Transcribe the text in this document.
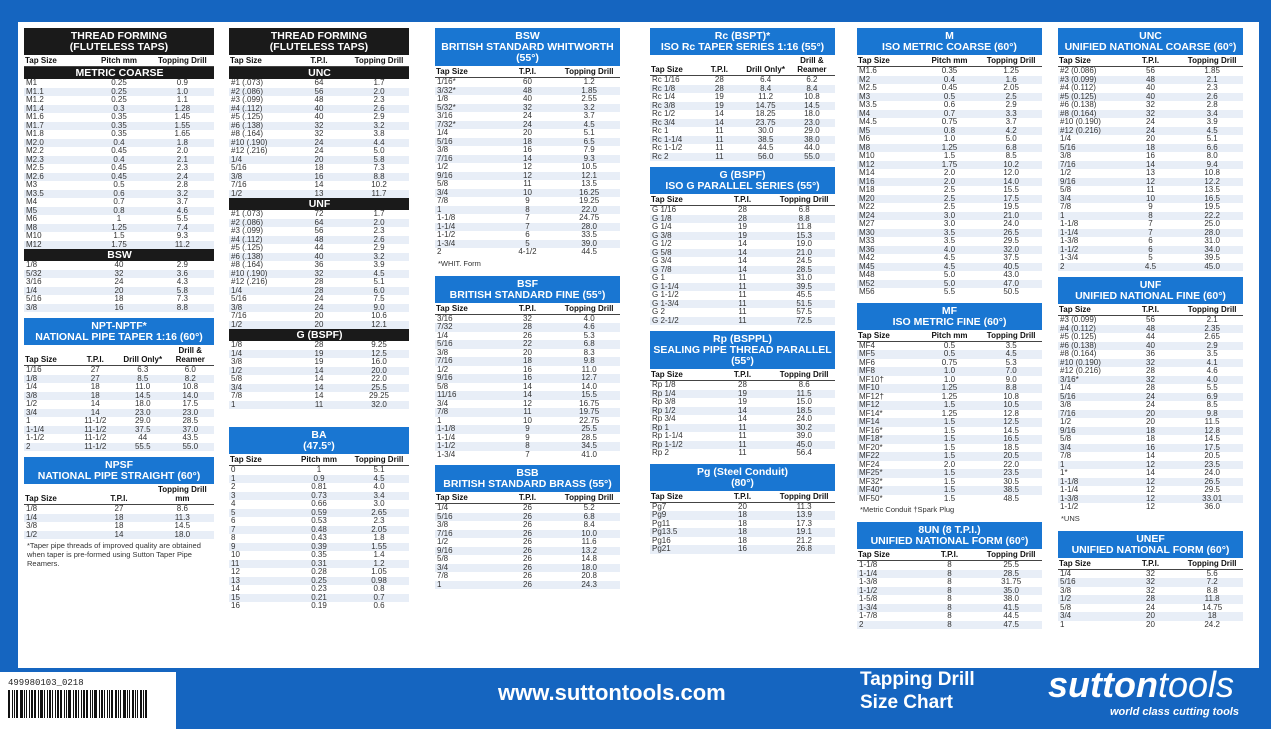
THREAD FORMING
(FLUTELESS TAPS)
Tap Size	Pitch mm	Topping Drill
METRIC COARSE		
M1	0.25	0.9
M1.1	0.25	1.0
M1.2	0.25	1.1
M1.4	0.3	1.28
M1.6	0.35	1.45
M1.7	0.35	1.55
M1.8	0.35	1.65
M2.0	0.4	1.8
M2.2	0.45	2.0
M2.3	0.4	2.1
M2.5	0.45	2.3
M2.6	0.45	2.4
M3	0.5	2.8
M3.5	0.6	3.2
M4	0.7	3.7
M5	0.8	4.6
M6	1	5.5
M8	1.25	7.4
M10	1.5	9.3
M12	1.75	11.2
BSW		
1/8	40	2.9
5/32	32	3.6
3/16	24	4.3
1/4	20	5.8
5/16	18	7.3
3/8	16	8.8
NPT-NPTF*
NATIONAL PIPE TAPER 1:16 (60°)
Tap Size	T.P.I.	Drill Only*	Drill & Reamer
1/16	27	6.3	6.0
1/8	27	8.5	8.2
1/4	18	11.0	10.8
3/8	18	14.5	14.0
1/2	14	18.0	17.5
3/4	14	23.0	23.0
1	11-1/2	29.0	28.5
1-1/4	11-1/2	37.5	37.0
1-1/2	11-1/2	44	43.5
2	11-1/2	55.5	55.0
NPSF
NATIONAL PIPE STRAIGHT (60°)
Tap Size	T.P.I.	Topping Drill mm
1/8	27	8.6
1/4	18	11.3
3/8	18	14.5
1/2	14	18.0
*Taper pipe threads of improved quality are obtained when taper is pre-formed using Sutton Taper Pipe Reamers.
THREAD FORMING
(FLUTELESS TAPS)
Tap Size	T.P.I.	Topping Drill
UNC		
#1 (.073)	64	1.7
#2 (.086)	56	2.0
#3 (.099)	48	2.3
#4 (.112)	40	2.6
#5 (.125)	40	2.9
#6 (.138)	32	3.2
#8 (.164)	32	3.8
#10 (.190)	24	4.4
#12 (.216)	24	5.0
1/4	20	5.8
5/16	18	7.3
3/8	16	8.8
7/16	14	10.2
1/2	13	11.7
UNF		
#1 (.073)	72	1.7
#2 (.086)	64	2.0
#3 (.099)	56	2.3
#4 (.112)	48	2.6
#5 (.125)	44	2.9
#6 (.138)	40	3.2
#8 (.164)	36	3.9
#10 (.190)	32	4.5
#12 (.216)	28	5.1
1/4	28	6.0
5/16	24	7.5
3/8	24	9.0
7/16	20	10.6
1/2	20	12.1
G (BSPF)		
1/8	28	9.25
1/4	19	12.5
3/8	19	16.0
1/2	14	20.0
5/8	14	22.0
3/4	14	25.5
7/8	14	29.25
1	11	32.0
BA
(47.5°)
Tap Size	Pitch mm	Topping Drill
0	1	5.1
1	0.9	4.5
2	0.81	4.0
3	0.73	3.4
4	0.66	3.0
5	0.59	2.65
6	0.53	2.3
7	0.48	2.05
8	0.43	1.8
9	0.39	1.55
10	0.35	1.4
11	0.31	1.2
12	0.28	1.05
13	0.25	0.98
14	0.23	0.8
15	0.21	0.7
16	0.19	0.6
BSW
BRITISH STANDARD WHITWORTH (55°)
Tap Size	T.P.I.	Topping Drill
1/16*	60	1.2
3/32*	48	1.85
1/8	40	2.55
5/32*	32	3.2
3/16	24	3.7
7/32*	24	4.5
1/4	20	5.1
5/16	18	6.5
3/8	16	7.9
7/16	14	9.3
1/2	12	10.5
9/16	12	12.1
5/8	11	13.5
3/4	10	16.25
7/8	9	19.25
1	8	22.0
1-1/8	7	24.75
1-1/4	7	28.0
1-1/2	6	33.5
1-3/4	5	39.0
2	4-1/2	44.5
*WHIT. Form
BSF
BRITISH STANDARD FINE (55°)
Tap Size	T.P.I.	Topping Drill
3/16	32	4.0
7/32	28	4.6
1/4	26	5.3
5/16	22	6.8
3/8	20	8.3
7/16	18	9.8
1/2	16	11.0
9/16	16	12.7
5/8	14	14.0
11/16	14	15.5
3/4	12	16.75
7/8	11	19.75
1	10	22.75
1-1/8	9	25.5
1-1/4	9	28.5
1-1/2	8	34.5
1-3/4	7	41.0
BSB
BRITISH STANDARD BRASS (55°)
Tap Size	T.P.I.	Topping Drill
1/4	26	5.2
5/16	26	6.8
3/8	26	8.4
7/16	26	10.0
1/2	26	11.6
9/16	26	13.2
5/8	26	14.8
3/4	26	18.0
7/8	26	20.8
1	26	24.3
Rc (BSPT)*
ISO Rc TAPER SERIES 1:16 (55°)
Tap Size	T.P.I.	Drill Only*	Drill & Reamer
Rc 1/16	28	6.4	6.2
Rc 1/8	28	8.4	8.4
Rc 1/4	19	11.2	10.8
Rc 3/8	19	14.75	14.5
Rc 1/2	14	18.25	18.0
Rc 3/4	14	23.75	23.0
Rc 1	11	30.0	29.0
Rc 1-1/4	11	38.5	38.0
Rc 1-1/2	11	44.5	44.0
Rc 2	11	56.0	55.0
G (BSPF)
ISO G PARALLEL SERIES (55°)
Tap Size	T.P.I.	Topping Drill
G 1/16	28	6.8
G 1/8	28	8.8
G 1/4	19	11.8
G 3/8	19	15.3
G 1/2	14	19.0
G 5/8	14	21.0
G 3/4	14	24.5
G 7/8	14	28.5
G 1	11	31.0
G 1-1/4	11	39.5
G 1-1/2	11	45.5
G 1-3/4	11	51.5
G 2	11	57.5
G 2-1/2	11	72.5
Rp (BSPPL)
SEALING PIPE THREAD PARALLEL (55°)
Tap Size	T.P.I.	Topping Drill
Rp 1/8	28	8.6
Rp 1/4	19	11.5
Rp 3/8	19	15.0
Rp 1/2	14	18.5
Rp 3/4	14	24.0
Rp 1	11	30.2
Rp 1-1/4	11	39.0
Rp 1-1/2	11	45.0
Rp 2	11	56.4
Pg (Steel Conduit)
(80°)
Tap Size	T.P.I.	Topping Drill
Pg7	20	11.3
Pg9	18	13.9
Pg11	18	17.3
Pg13.5	18	19.1
Pg16	18	21.2
Pg21	16	26.8
M
ISO METRIC COARSE (60°)
Tap Size	Pitch mm	Topping Drill
M1.6	0.35	1.25
M2	0.4	1.6
M2.5	0.45	2.05
M3	0.5	2.5
M3.5	0.6	2.9
M4	0.7	3.3
M4.5	0.75	3.7
M5	0.8	4.2
M6	1.0	5.0
M8	1.25	6.8
M10	1.5	8.5
M12	1.75	10.2
M14	2.0	12.0
M16	2.0	14.0
M18	2.5	15.5
M20	2.5	17.5
M22	2.5	19.5
M24	3.0	21.0
M27	3.0	24.0
M30	3.5	26.5
M33	3.5	29.5
M36	4.0	32.0
M42	4.5	37.5
M45	4.5	40.5
M48	5.0	43.0
M52	5.0	47.0
M56	5.5	50.5
MF
ISO METRIC FINE (60°)
Tap Size	Pitch mm	Topping Drill
MF4	0.5	3.5
MF5	0.5	4.5
MF6	0.75	5.3
MF8	1.0	7.0
MF10†	1.0	9.0
MF10	1.25	8.8
MF12†	1.25	10.8
MF12	1.5	10.5
MF14*	1.25	12.8
MF14	1.5	12.5
MF16*	1.5	14.5
MF18*	1.5	16.5
MF20*	1.5	18.5
MF22	1.5	20.5
MF24	2.0	22.0
MF25*	1.5	23.5
MF32*	1.5	30.5
MF40*	1.5	38.5
MF50*	1.5	48.5
*Metric Conduit †Spark Plug
8UN (8 T.P.I.)
UNIFIED NATIONAL FORM (60°)
Tap Size	T.P.I.	Topping Drill
1-1/8	8	25.5
1-1/4	8	28.5
1-3/8	8	31.75
1-1/2	8	35.0
1-5/8	8	38.0
1-3/4	8	41.5
1-7/8	8	44.5
2	8	47.5
UNC
UNIFIED NATIONAL COARSE (60°)
Tap Size	T.P.I.	Topping Drill
#2 (0.086)	56	1.85
#3 (0.099)	48	2.1
#4 (0.112)	40	2.3
#5 (0.125)	40	2.6
#6 (0.138)	32	2.8
#8 (0.164)	32	3.4
#10 (0.190)	24	3.9
#12 (0.216)	24	4.5
1/4	20	5.1
5/16	18	6.6
3/8	16	8.0
7/16	14	9.4
1/2	13	10.8
9/16	12	12.2
5/8	11	13.5
3/4	10	16.5
7/8	9	19.5
1	8	22.2
1-1/8	7	25.0
1-1/4	7	28.0
1-3/8	6	31.0
1-1/2	6	34.0
1-3/4	5	39.5
2	4.5	45.0
UNF
UNIFIED NATIONAL FINE (60°)
Tap Size	T.P.I.	Topping Drill
#3 (0.099)	56	2.1
#4 (0.112)	48	2.35
#5 (0.125)	44	2.65
#6 (0.138)	40	2.9
#8 (0.164)	36	3.5
#10 (0.190)	32	4.1
#12 (0.216)	28	4.6
3/16*	32	4.0
1/4	28	5.5
5/16	24	6.9
3/8	24	8.5
7/16	20	9.8
1/2	20	11.5
9/16	18	12.8
5/8	18	14.5
3/4	16	17.5
7/8	14	20.5
1	12	23.5
1*	14	24.0
1-1/8	12	26.5
1-1/4	12	29.5
1-3/8	12	33.01
1-1/2	12	36.0
*UNS
UNEF
UNIFIED NATIONAL FORM (60°)
Tap Size	T.P.I.	Topping Drill
1/4	32	5.6
5/16	32	7.2
3/8	32	8.8
1/2	28	11.8
5/8	24	14.75
3/4	20	18
1	20	24.2
499980103_0218	www.suttontools.com
Tapping Drill
Size Chart	suttontools
world class cutting tools
